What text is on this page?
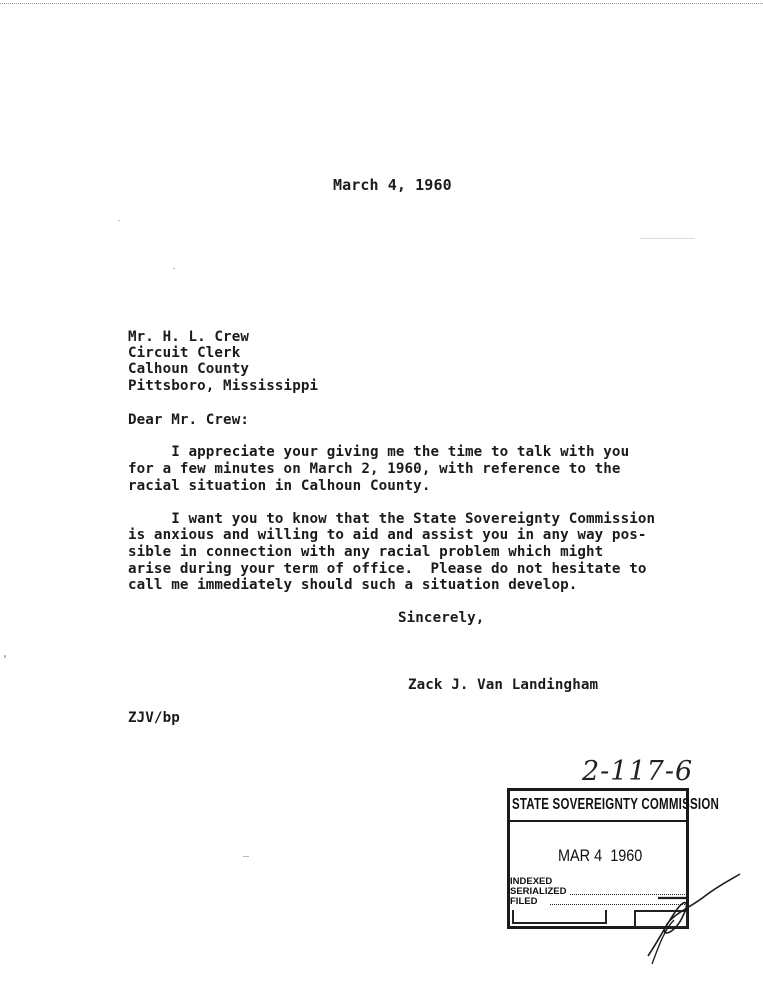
March 4, 1960
Mr. H. L. Crew
Circuit Clerk
Calhoun County
Pittsboro, Mississippi
Dear Mr. Crew:
I appreciate your giving me the time to talk with you
for a few minutes on March 2, 1960, with reference to the
racial situation in Calhoun County.
I want you to know that the State Sovereignty Commission
is anxious and willing to aid and assist you in any way pos-
sible in connection with any racial problem which might
arise during your term of office.  Please do not hesitate to
call me immediately should such a situation develop.
Sincerely,
Zack J. Van Landingham
ZJV/bp
2-117-6
STATE SOVEREIGNTY COMMISSION
MAR 4  1960
INDEXED
SERIALIZED
FILED
